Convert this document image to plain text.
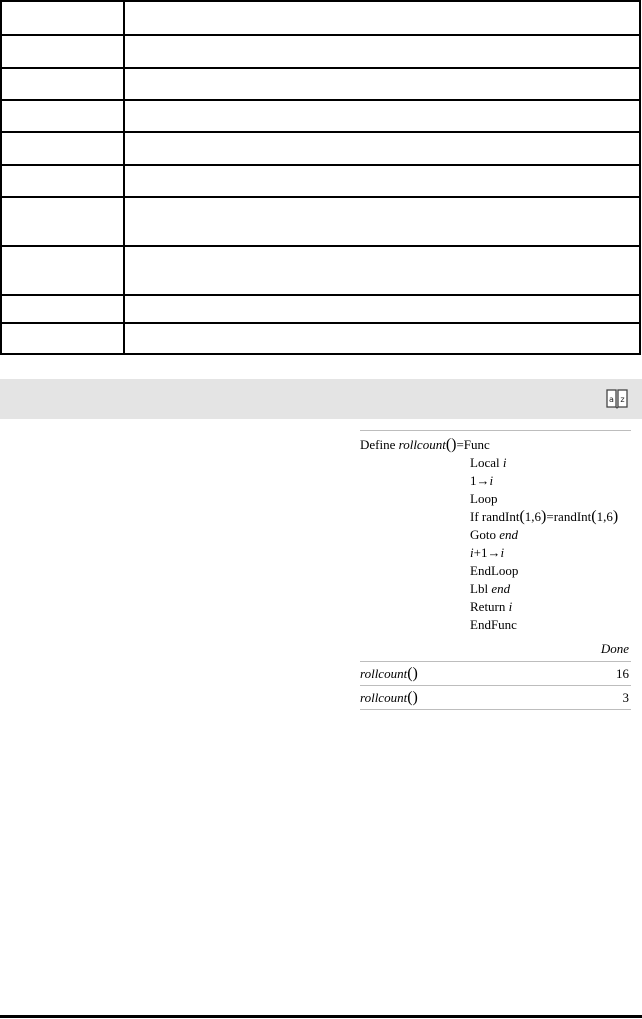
a z
Define rollcount()=Func
Local i
1→i
Loop
If randInt(1,6)=randInt(1,6)
Goto end
i+1→i
EndLoop
Lbl end
Return i
EndFunc
Done
rollcount()	16
rollcount()	3
